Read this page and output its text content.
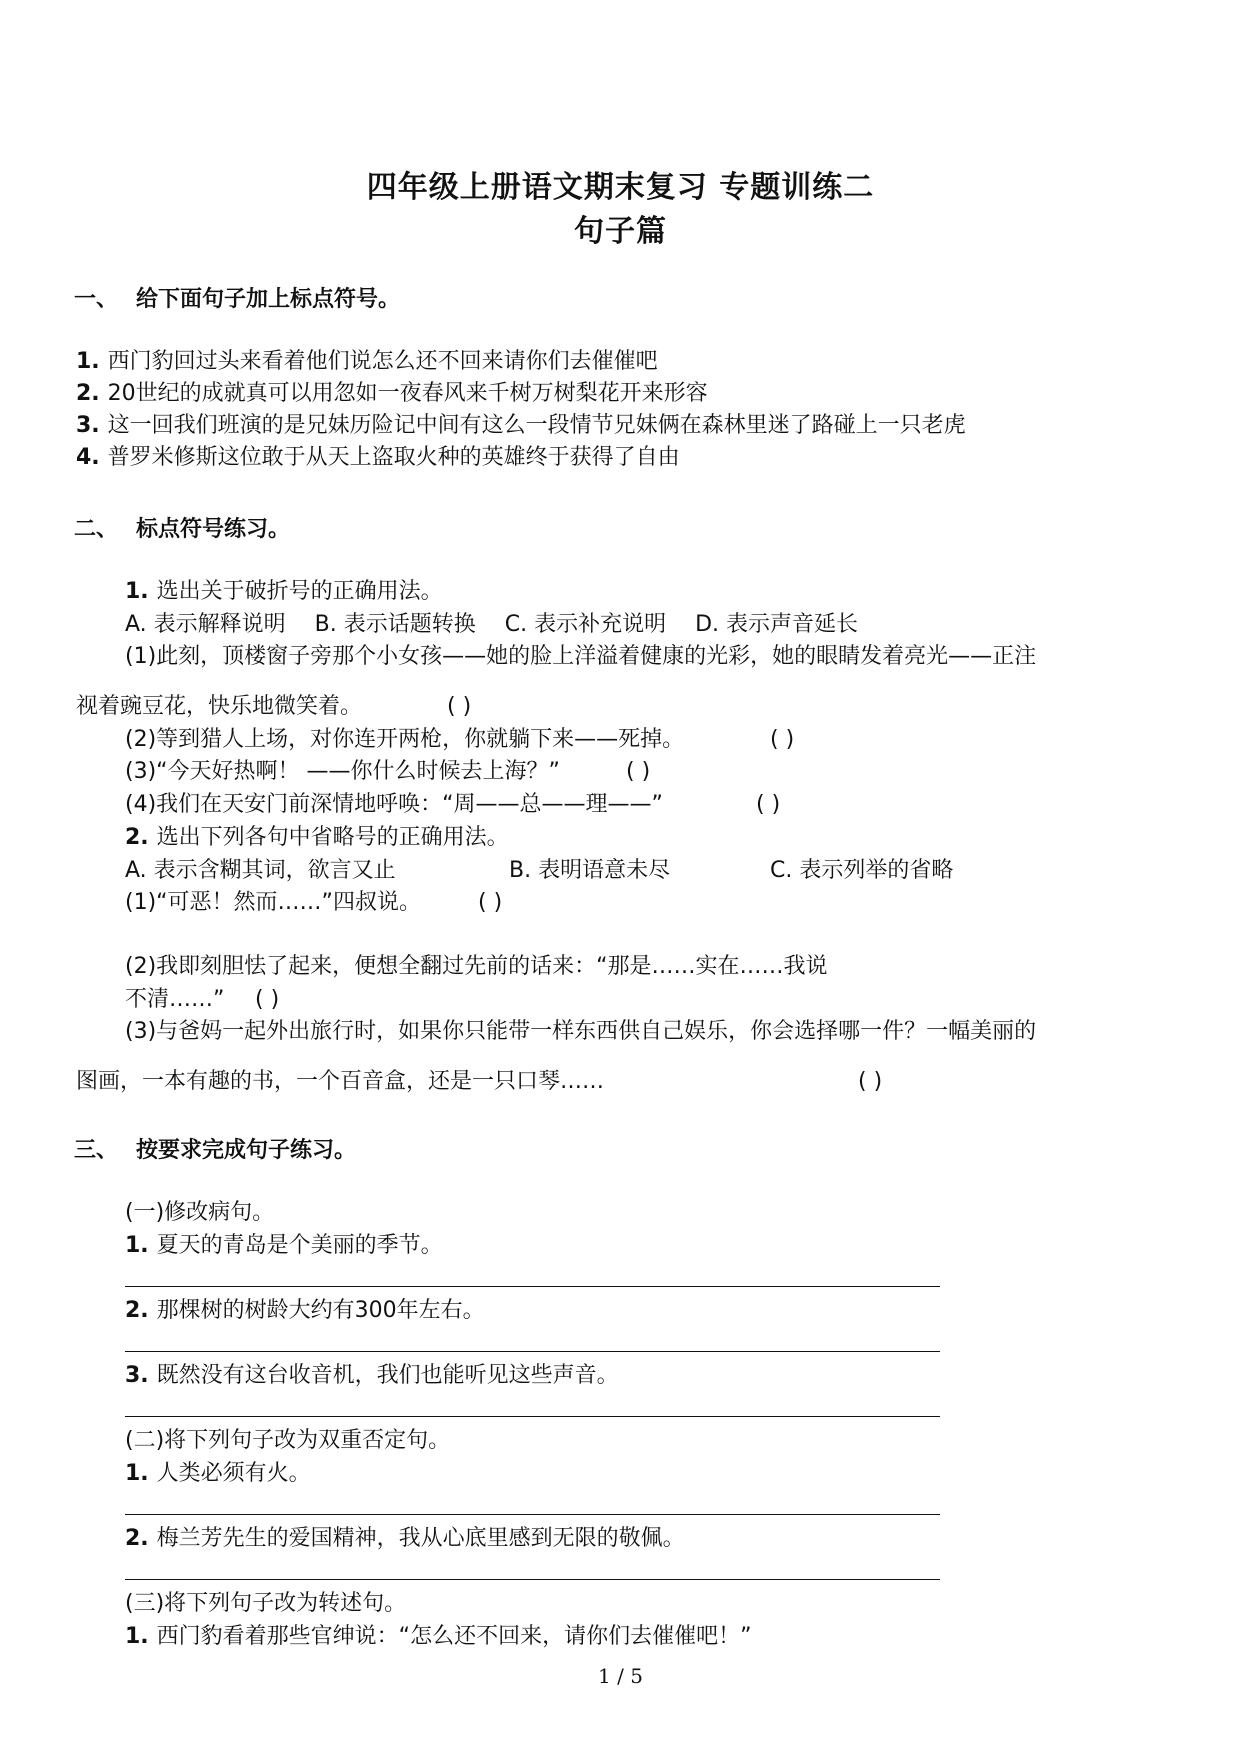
四年级上册语文期末复习 专题训练二
句子篇
一、 给下面句子加上标点符号。
1. 西门豹回过头来看着他们说怎么还不回来请你们去催催吧
2. 20世纪的成就真可以用忽如一夜春风来千树万树梨花开来形容
3. 这一回我们班演的是兄妹历险记中间有这么一段情节兄妹俩在森林里迷了路碰上一只老虎
4. 普罗米修斯这位敢于从天上盗取火种的英雄终于获得了自由
二、 标点符号练习。
1. 选出关于破折号的正确用法。
A. 表示解释说明 B. 表示话题转换 C. 表示补充说明 D. 表示声音延长
(1)此刻，顶楼窗子旁那个小女孩——她的脸上洋溢着健康的光彩，她的眼睛发着亮光——正注
视着豌豆花，快乐地微笑着。	( )
(2)等到猎人上场，对你连开两枪，你就躺下来——死掉。	( )
(3)“今天好热啊！ ——你什么时候去上海？”	( )
(4)我们在天安门前深情地呼唤：“周——总——理——”	( )
2. 选出下列各句中省略号的正确用法。
A. 表示含糊其词，欲言又止	B. 表明语意未尽	C. 表示列举的省略
(1)“可恶！然而……”四叔说。	( )
(2)我即刻胆怯了起来，便想全翻过先前的话来：“那是……实在……我说
不清……” ( )
(3)与爸妈一起外出旅行时，如果你只能带一样东西供自己娱乐，你会选择哪一件？一幅美丽的
图画，一本有趣的书，一个百音盒，还是一只口琴……	( )
三、 按要求完成句子练习。
(一)修改病句。
1. 夏天的青岛是个美丽的季节。
2. 那棵树的树龄大约有300年左右。
3. 既然没有这台收音机，我们也能听见这些声音。
(二)将下列句子改为双重否定句。
1. 人类必须有火。
2. 梅兰芳先生的爱国精神，我从心底里感到无限的敬佩。
(三)将下列句子改为转述句。
1. 西门豹看着那些官绅说：“怎么还不回来，请你们去催催吧！”
1 / 5
